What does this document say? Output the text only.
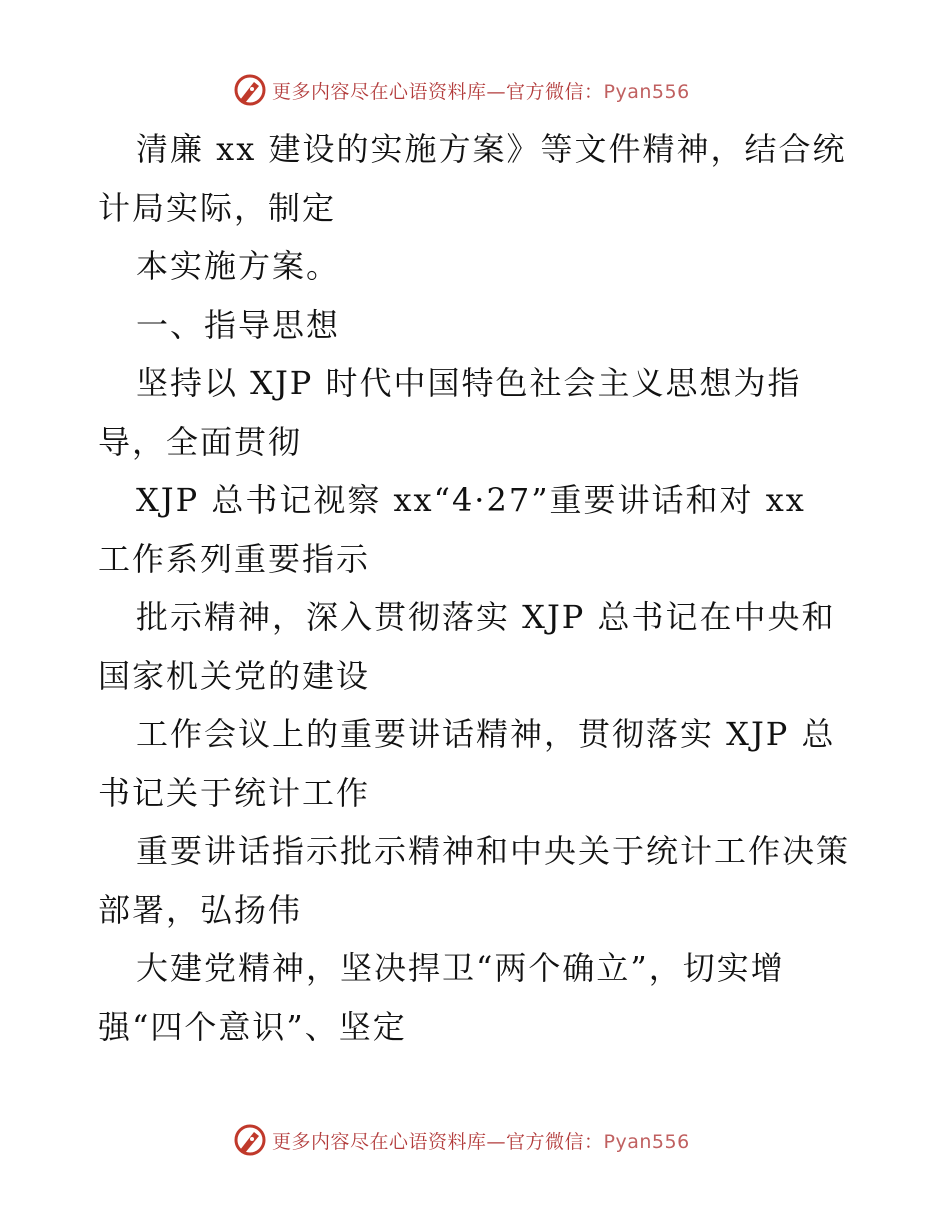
更多内容尽在心语资料库—官方微信：Pyan556
清廉 xx 建设的实施方案》等文件精神，结合统
计局实际，制定
本实施方案。
一、指导思想
坚持以 XJP 时代中国特色社会主义思想为指
导，全面贯彻
XJP 总书记视察 xx“4·27”重要讲话和对 xx
工作系列重要指示
批示精神，深入贯彻落实 XJP 总书记在中央和
国家机关党的建设
工作会议上的重要讲话精神，贯彻落实 XJP 总
书记关于统计工作
重要讲话指示批示精神和中央关于统计工作决策
部署，弘扬伟
大建党精神，坚决捍卫“两个确立”，切实增
强“四个意识”、坚定
更多内容尽在心语资料库—官方微信：Pyan556
